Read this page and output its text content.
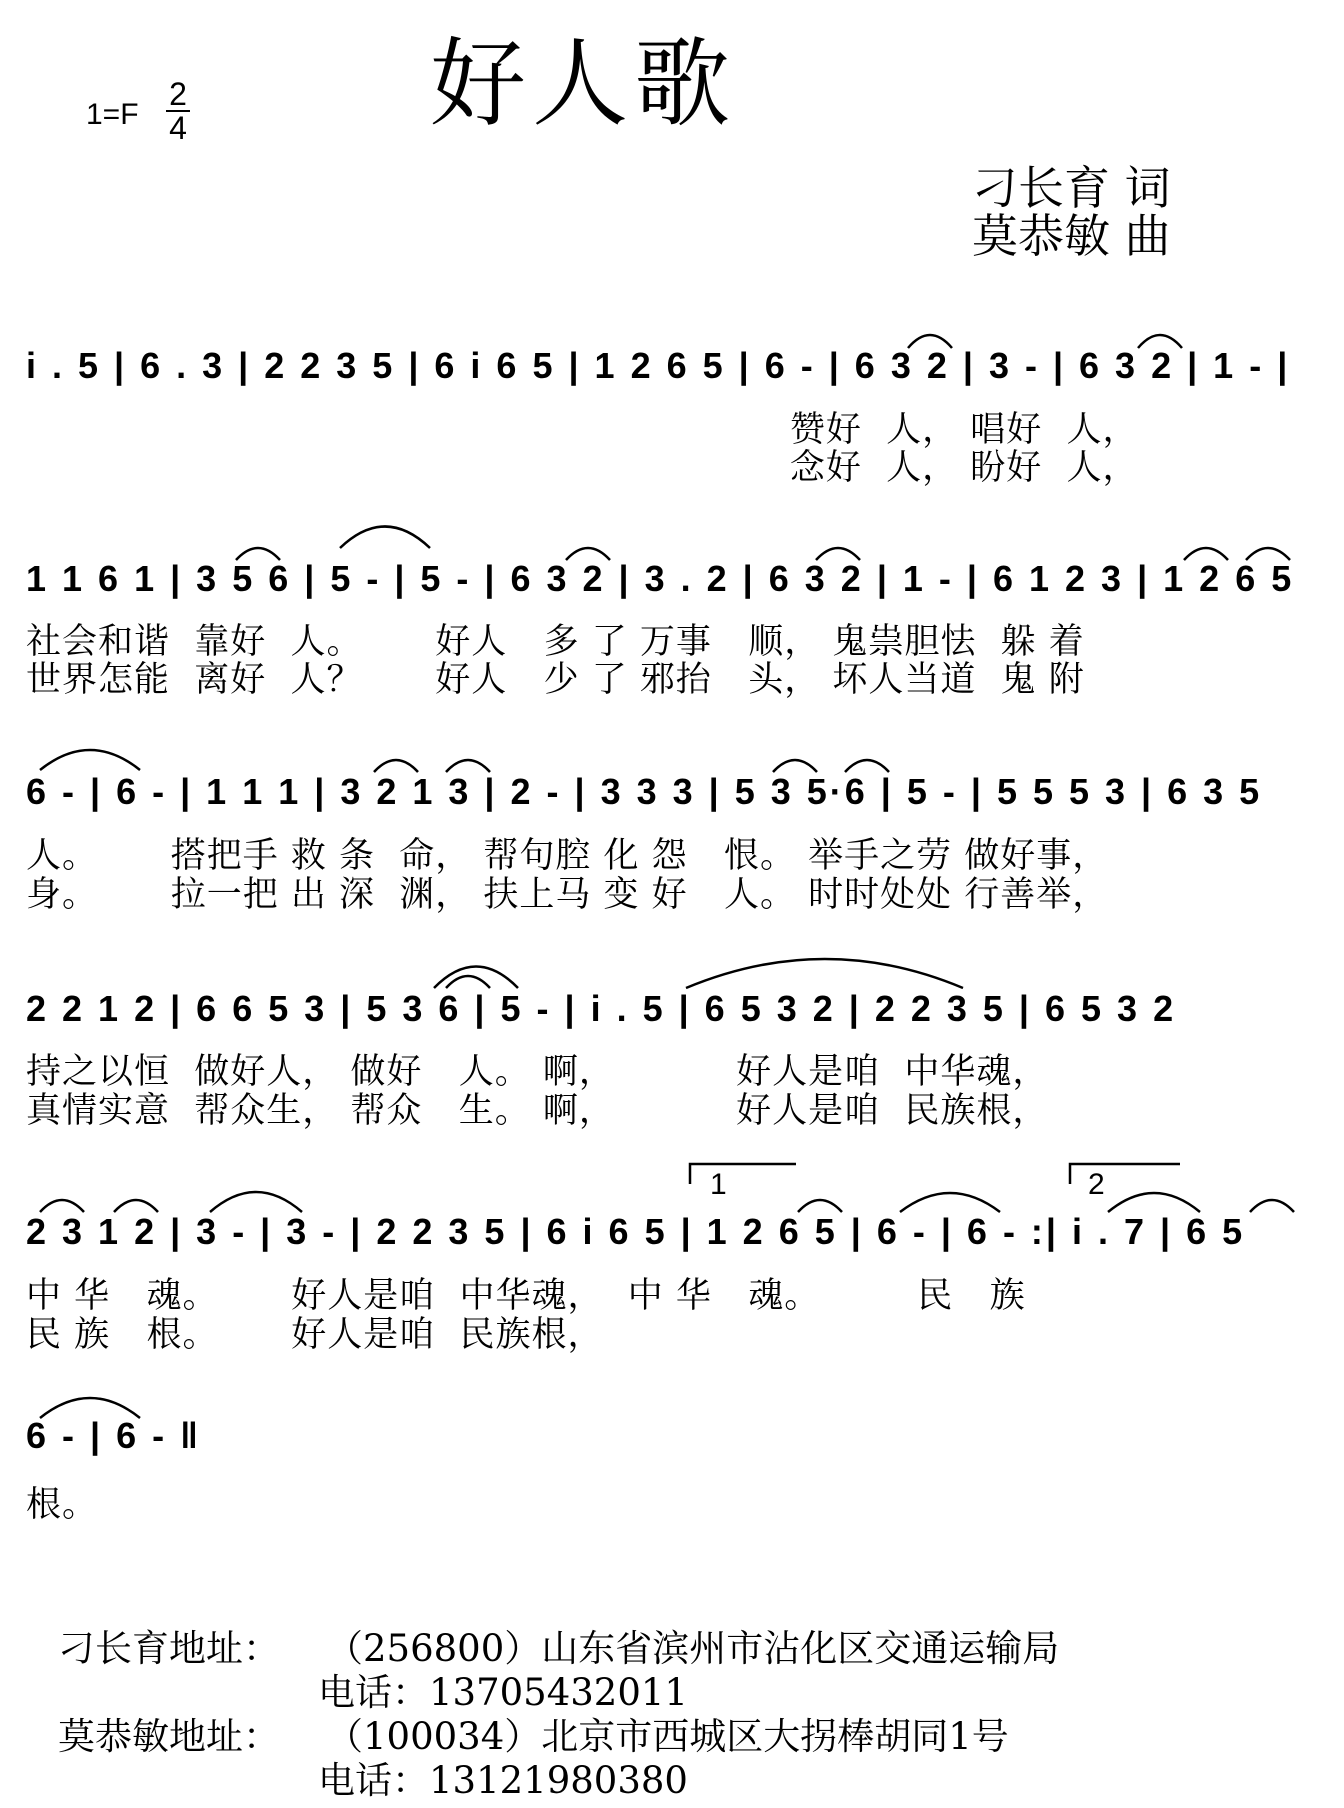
好人歌
1=F
2
4
刁长育 词
莫恭敏 曲
i . 5 | 6 . 3 | 2 2 3 5 | 6 i 6 5 | 1 2 6 5 | 6 - | 6 3 2 | 3 - | 6 3 2 | 1 - |
赞好  人， 唱好  人，
念好  人， 盼好  人，
1 1 6 1 | 3 5 6 | 5 - | 5 - | 6 3 2 | 3 . 2 | 6 3 2 | 1 - | 6 1 2 3 | 1 2 6 5
社会和谐  靠好  人。      好人   多 了 万事   顺， 鬼祟胆怯  躲 着
世界怎能  离好  人？      好人   少 了 邪抬   头， 坏人当道  鬼 附
6 - | 6 - | 1 1 1 | 3 2 1 3 | 2 - | 3 3 3 | 5 3 5·6 | 5 - | 5 5 5 3 | 6 3 5
人。      搭把手 救 条  命， 帮句腔 化 怨   恨。 举手之劳 做好事，
身。      拉一把 出 深  渊， 扶上马 变 好   人。 时时处处 行善举，
2 2 1 2 | 6 6 5 3 | 5 3 6 | 5 - | i . 5 | 6 5 3 2 | 2 2 3 5 | 6 5 3 2
持之以恒  做好人， 做好   人。 啊，          好人是咱  中华魂，
真情实意  帮众生， 帮众   生。 啊，          好人是咱  民族根，
1	2
2 3 1 2 | 3 - | 3 - | 2 2 3 5 | 6 i 6 5 | 1 2 6 5 | 6 - | 6 - :| i . 7 | 6 5
中 华   魂。      好人是咱  中华魂，  中 华   魂。        民   族
民 族   根。      好人是咱  民族根，
6 - | 6 - ‖
根。
刁长育地址： （256800）山东省滨州市沾化区交通运输局
电话：13705432011
莫恭敏地址： （100034）北京市西城区大拐棒胡同1号
电话：13121980380
